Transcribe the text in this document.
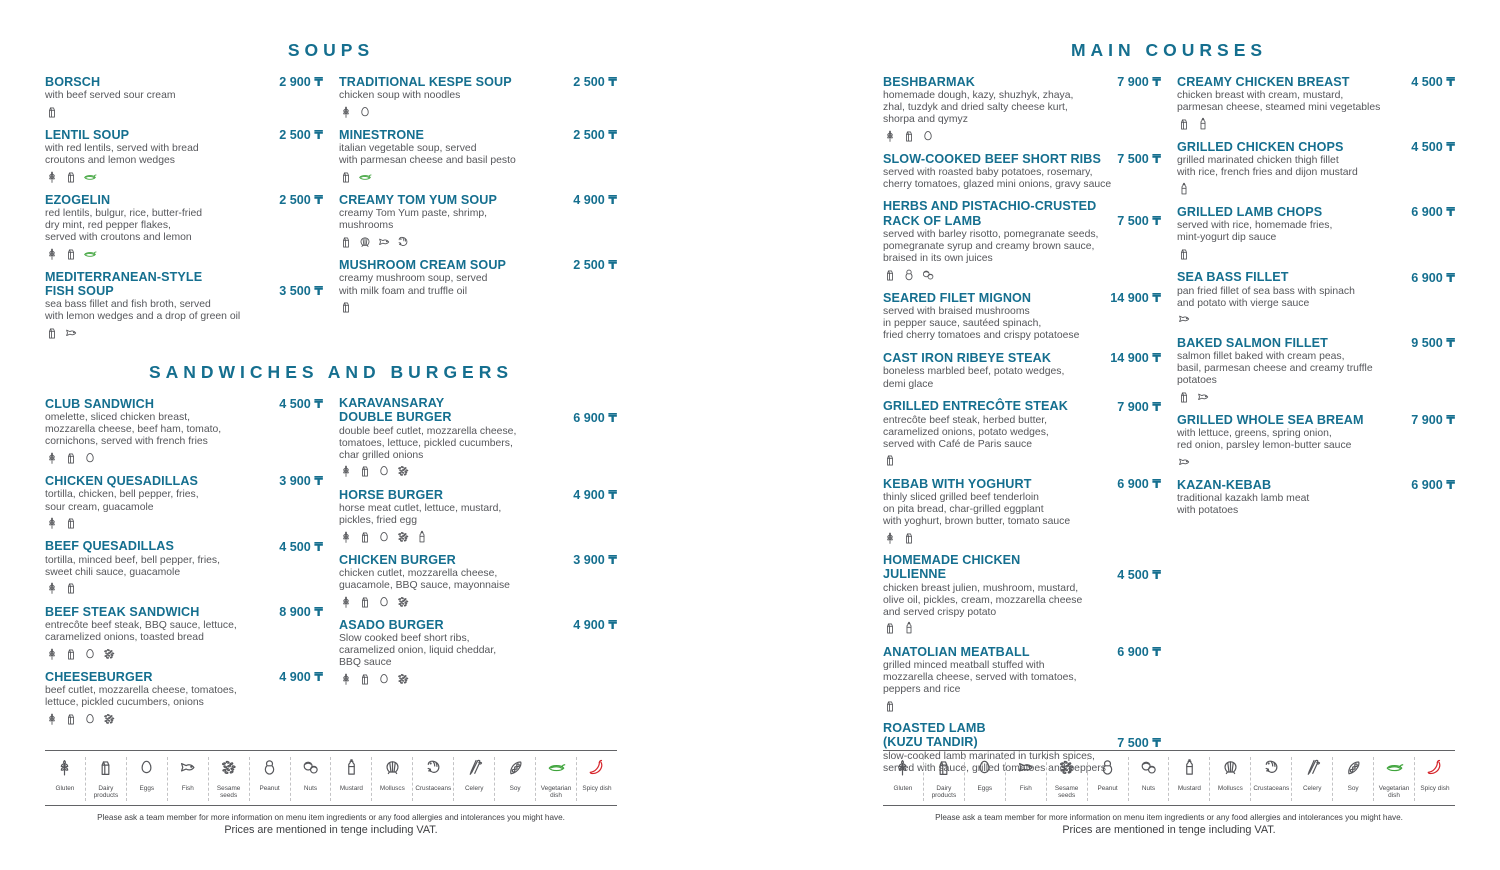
SOUPS
BORSCH	2 900 ₸
with beef served sour cream
LENTIL SOUP	2 500 ₸
with red lentils, served with bread
croutons and lemon wedges
EZOGELIN	2 500 ₸
red lentils, bulgur, rice, butter-fried
dry mint, red pepper flakes,
served with croutons and lemon
MEDITERRANEAN-STYLE
FISH SOUP	3 500 ₸
sea bass fillet and fish broth, served
with lemon wedges and a drop of green oil
TRADITIONAL KESPE SOUP	2 500 ₸
chicken soup with noodles
MINESTRONE	2 500 ₸
italian vegetable soup, served
with parmesan cheese and basil pesto
CREAMY TOM YUM SOUP	4 900 ₸
creamy Tom Yum paste, shrimp,
mushrooms
MUSHROOM CREAM SOUP	2 500 ₸
creamy mushroom soup, served
with milk foam and truffle oil
SANDWICHES AND BURGERS
CLUB SANDWICH	4 500 ₸
omelette, sliced chicken breast,
mozzarella cheese, beef ham, tomato,
cornichons, served with french fries
CHICKEN QUESADILLAS	3 900 ₸
tortilla, chicken, bell pepper, fries,
sour cream, guacamole
BEEF QUESADILLAS	4 500 ₸
tortilla, minced beef, bell pepper, fries,
sweet chili sauce, guacamole
BEEF STEAK SANDWICH	8 900 ₸
entrecôte beef steak, BBQ sauce, lettuce,
caramelized onions, toasted bread
CHEESEBURGER	4 900 ₸
beef cutlet, mozzarella cheese, tomatoes,
lettuce, pickled cucumbers, onions
KARAVANSARAY
DOUBLE BURGER	6 900 ₸
double beef cutlet, mozzarella cheese,
tomatoes, lettuce, pickled cucumbers,
char grilled onions
HORSE BURGER	4 900 ₸
horse meat cutlet, lettuce, mustard,
pickles, fried egg
CHICKEN BURGER	3 900 ₸
chicken cutlet, mozzarella cheese,
guacamole, BBQ sauce, mayonnaise
ASADO BURGER	4 900 ₸
Slow cooked beef short ribs,
caramelized onion, liquid cheddar,
BBQ sauce
Gluten	Dairy products
Eggs	Fish	Sesame seeds
Peanut	Nuts	Mustard	Molluscs	Crustaceans	Celery	Soy	Vegetarian dish
Spicy dish
Please ask a team member for more information on menu item ingredients or any food allergies and intolerances you might have.
Prices are mentioned in tenge including VAT.
MAIN COURSES
BESHBARMAK	7 900 ₸
homemade dough, kazy, shuzhyk, zhaya,
zhal, tuzdyk and dried salty cheese kurt,
shorpa and qymyz
SLOW-COOKED BEEF SHORT RIBS 7 500 ₸
served with roasted baby potatoes, rosemary,
cherry tomatoes, glazed mini onions, gravy sauce
HERBS AND PISTACHIO-CRUSTED
RACK OF LAMB	7 500 ₸
served with barley risotto, pomegranate seeds,
pomegranate syrup and creamy brown sauce,
braised in its own juices
SEARED FILET MIGNON	14 900 ₸
served with braised mushrooms
in pepper sauce, sautéed spinach,
fried cherry tomatoes and crispy potatoese
CAST IRON RIBEYE STEAK	14 900 ₸
boneless marbled beef, potato wedges,
demi glace
GRILLED ENTRECÔTE STEAK	7 900 ₸
entrecôte beef steak, herbed butter,
caramelized onions, potato wedges,
served with Café de Paris sauce
KEBAB WITH YOGHURT	6 900 ₸
thinly sliced grilled beef tenderloin
on pita bread, char-grilled eggplant
with yoghurt, brown butter, tomato sauce
HOMEMADE CHICKEN
JULIENNE	4 500 ₸
chicken breast julien, mushroom, mustard,
olive oil, pickles, cream, mozzarella cheese
and served crispy potato
ANATOLIAN MEATBALL	6 900 ₸
grilled minced meatball stuffed with
mozzarella cheese, served with tomatoes,
peppers and rice
ROASTED LAMB
(KUZU TANDIR)	7 500 ₸
slow-cooked lamb marinated in turkish spices,
served with sauce, grilled tomatoes and peppers
CREAMY CHICKEN BREAST	4 500 ₸
chicken breast with cream, mustard,
parmesan cheese, steamed mini vegetables
GRILLED CHICKEN CHOPS	4 500 ₸
grilled marinated chicken thigh fillet
with rice, french fries and dijon mustard
GRILLED LAMB CHOPS	6 900 ₸
served with rice, homemade fries,
mint-yogurt dip sauce
SEA BASS FILLET	6 900 ₸
pan fried fillet of sea bass with spinach
and potato with vierge sauce
BAKED SALMON FILLET	9 500 ₸
salmon fillet baked with cream peas,
basil, parmesan cheese and creamy truffle
potatoes
GRILLED WHOLE SEA BREAM	7 900 ₸
with lettuce, greens, spring onion,
red onion, parsley lemon-butter sauce
KAZAN-KEBAB	6 900 ₸
traditional kazakh lamb meat
with potatoes
Gluten	Dairy products
Eggs	Fish	Sesame seeds
Peanut	Nuts	Mustard	Molluscs	Crustaceans	Celery	Soy	Vegetarian dish
Spicy dish
Please ask a team member for more information on menu item ingredients or any food allergies and intolerances you might have.
Prices are mentioned in tenge including VAT.
